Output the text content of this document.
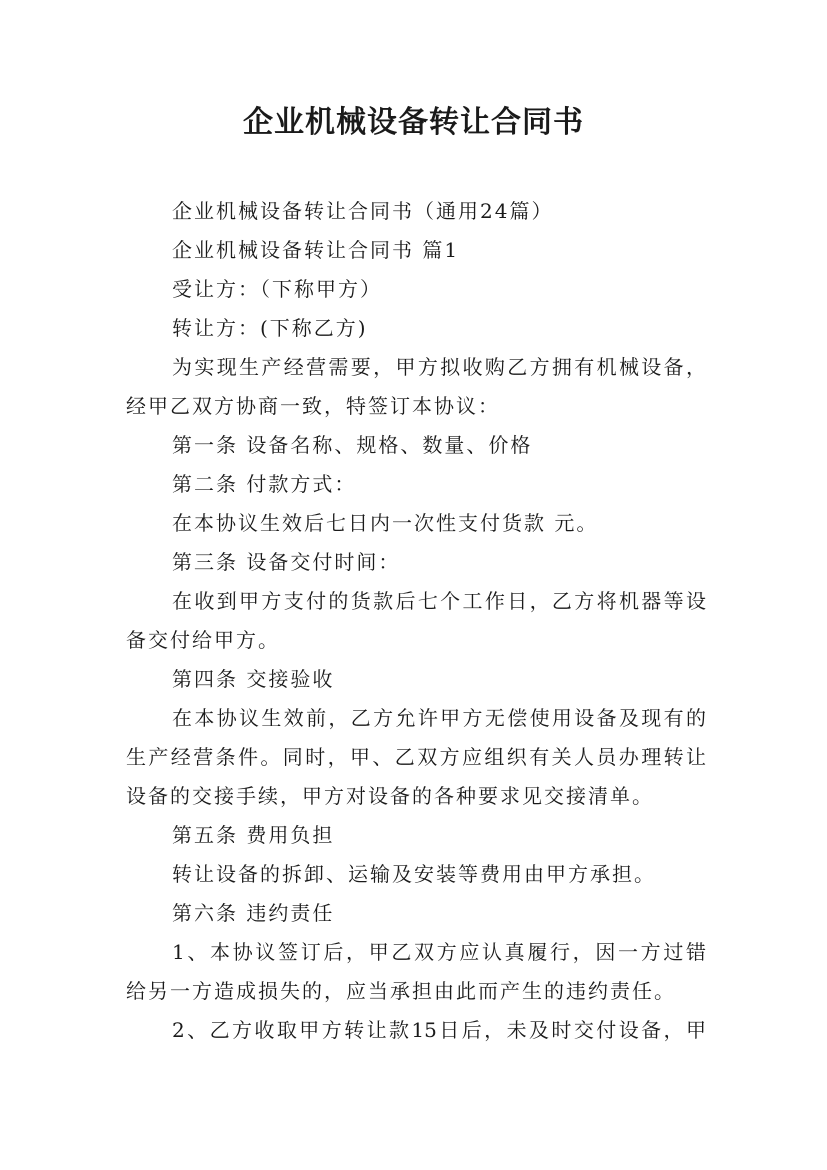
企业机械设备转让合同书
企业机械设备转让合同书（通用24篇）
企业机械设备转让合同书 篇1
受让方：（下称甲方）
转让方：(下称乙方)
为实现生产经营需要，甲方拟收购乙方拥有机械设备，
经甲乙双方协商一致，特签订本协议：
第一条 设备名称、规格、数量、价格
第二条 付款方式：
在本协议生效后七日内一次性支付货款 元。
第三条 设备交付时间：
在收到甲方支付的货款后七个工作日，乙方将机器等设
备交付给甲方。
第四条 交接验收
在本协议生效前，乙方允许甲方无偿使用设备及现有的
生产经营条件。同时，甲、乙双方应组织有关人员办理转让
设备的交接手续，甲方对设备的各种要求见交接清单。
第五条 费用负担
转让设备的拆卸、运输及安装等费用由甲方承担。
第六条 违约责任
1、本协议签订后，甲乙双方应认真履行，因一方过错
给另一方造成损失的，应当承担由此而产生的违约责任。
2、乙方收取甲方转让款15日后，未及时交付设备，甲
